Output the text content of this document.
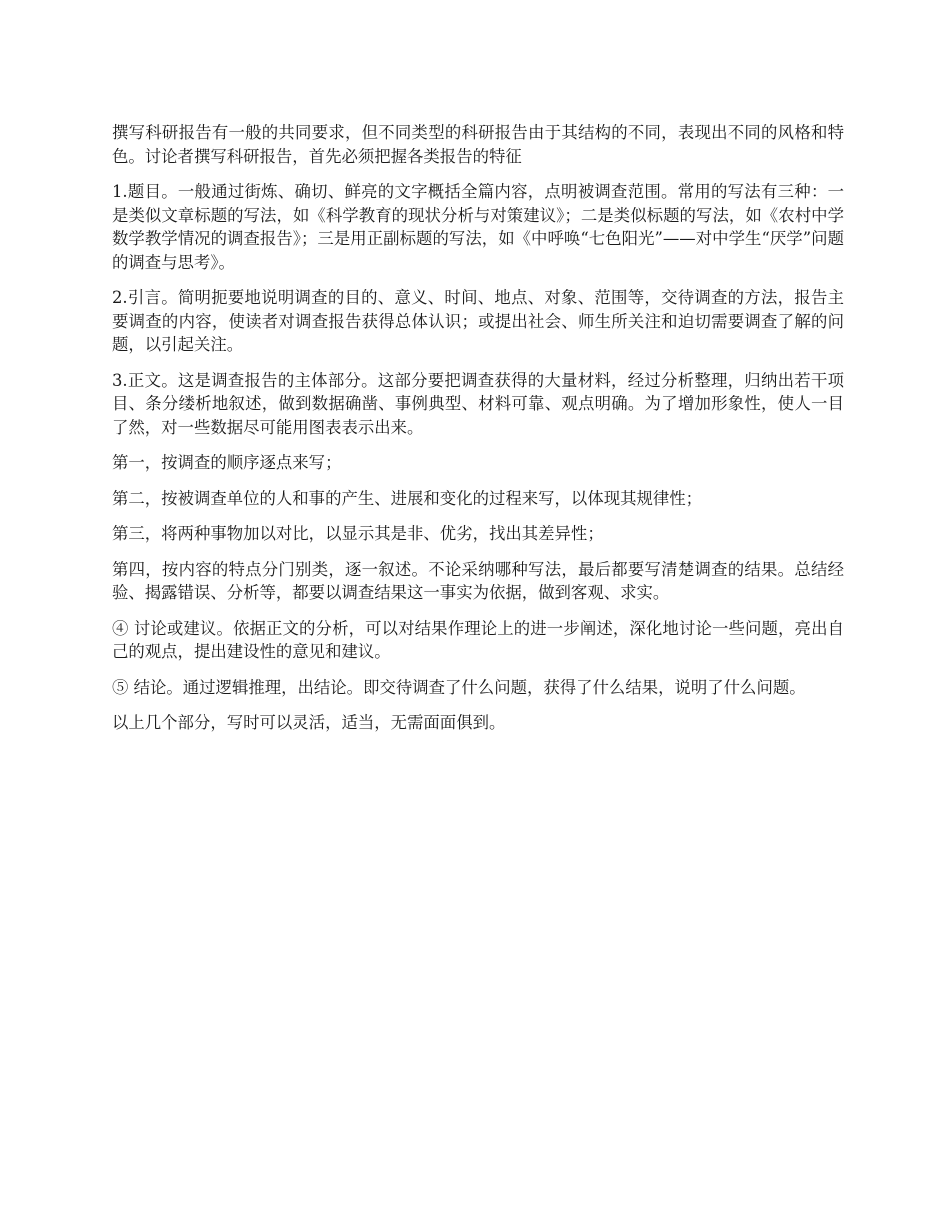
撰写科研报告有一般的共同要求，但不同类型的科研报告由于其结构的不同，表现出不同的风格和特色。讨论者撰写科研报告，首先必须把握各类报告的特征

1.题目。一般通过街炼、确切、鲜亮的文字概括全篇内容，点明被调查范围。常用的写法有三种：一是类似文章标题的写法，如《科学教育的现状分析与对策建议》；二是类似标题的写法，如《农村中学数学教学情况的调查报告》；三是用正副标题的写法，如《中呼唤“七色阳光”——对中学生“厌学”问题的调查与思考》。

2.引言。简明扼要地说明调查的目的、意义、时间、地点、对象、范围等，交待调查的方法，报告主要调查的内容，使读者对调查报告获得总体认识；或提出社会、师生所关注和迫切需要调查了解的问题，以引起关注。

3.正文。这是调查报告的主体部分。这部分要把调查获得的大量材料，经过分析整理，归纳出若干项目、条分缕析地叙述，做到数据确凿、事例典型、材料可靠、观点明确。为了增加形象性，使人一目了然，对一些数据尽可能用图表表示出来。

第一，按调查的顺序逐点来写；

第二，按被调查单位的人和事的产生、进展和变化的过程来写，以体现其规律性；

第三，将两种事物加以对比，以显示其是非、优劣，找出其差异性；

第四，按内容的特点分门别类，逐一叙述。不论采纳哪种写法，最后都要写清楚调查的结果。总结经验、揭露错误、分析等，都要以调查结果这一事实为依据，做到客观、求实。

④ 讨论或建议。依据正文的分析，可以对结果作理论上的进一步阐述，深化地讨论一些问题，亮出自己的观点，提出建设性的意见和建议。

⑤ 结论。通过逻辑推理，出结论。即交待调查了什么问题，获得了什么结果，说明了什么问题。

以上几个部分，写时可以灵活，适当，无需面面俱到。
